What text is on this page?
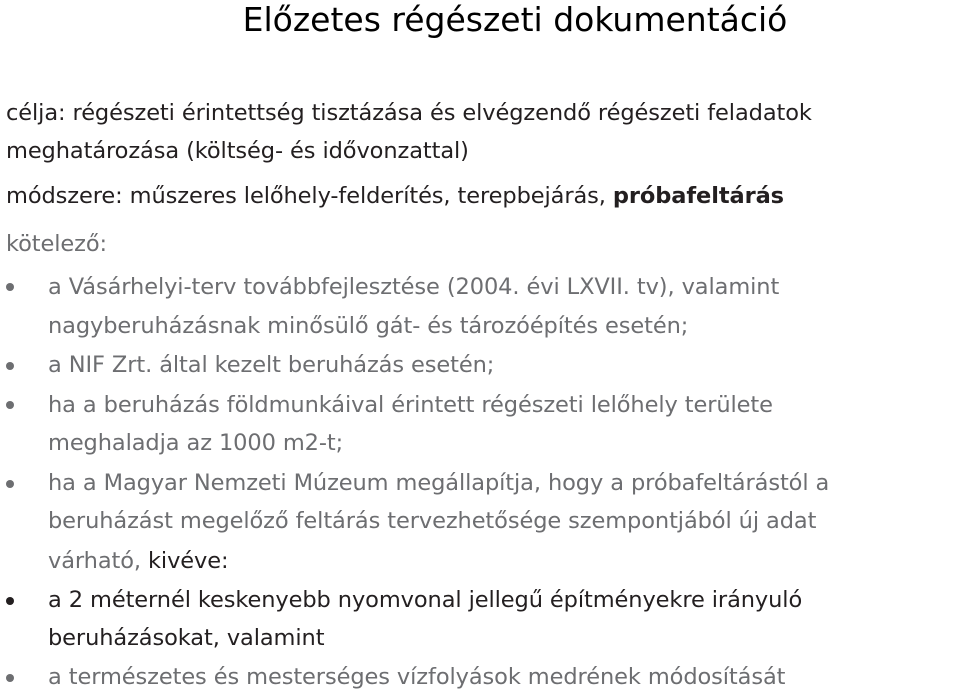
Előzetes régészeti dokumentáció
célja: régészeti érintettség tisztázása és elvégzendő régészeti feladatok
meghatározása (költség- és idővonzattal)
módszere: műszeres lelőhely-felderítés, terepbejárás, próbafeltárás
kötelező:
a Vásárhelyi-terv továbbfejlesztése (2004. évi LXVII. tv), valamint
nagyberuházásnak minősülő gát- és tározóépítés esetén;
a NIF Zrt. által kezelt beruházás esetén;
ha a beruházás földmunkáival érintett régészeti lelőhely területe
meghaladja az 1000 m2-t;
ha a Magyar Nemzeti Múzeum megállapítja, hogy a próbafeltárástól a
beruházást megelőző feltárás tervezhetősége szempontjából új adat
várható, kivéve:
a 2 méternél keskenyebb nyomvonal jellegű építményekre irányuló
beruházásokat, valamint
a természetes és mesterséges vízfolyások medrének módosítását
